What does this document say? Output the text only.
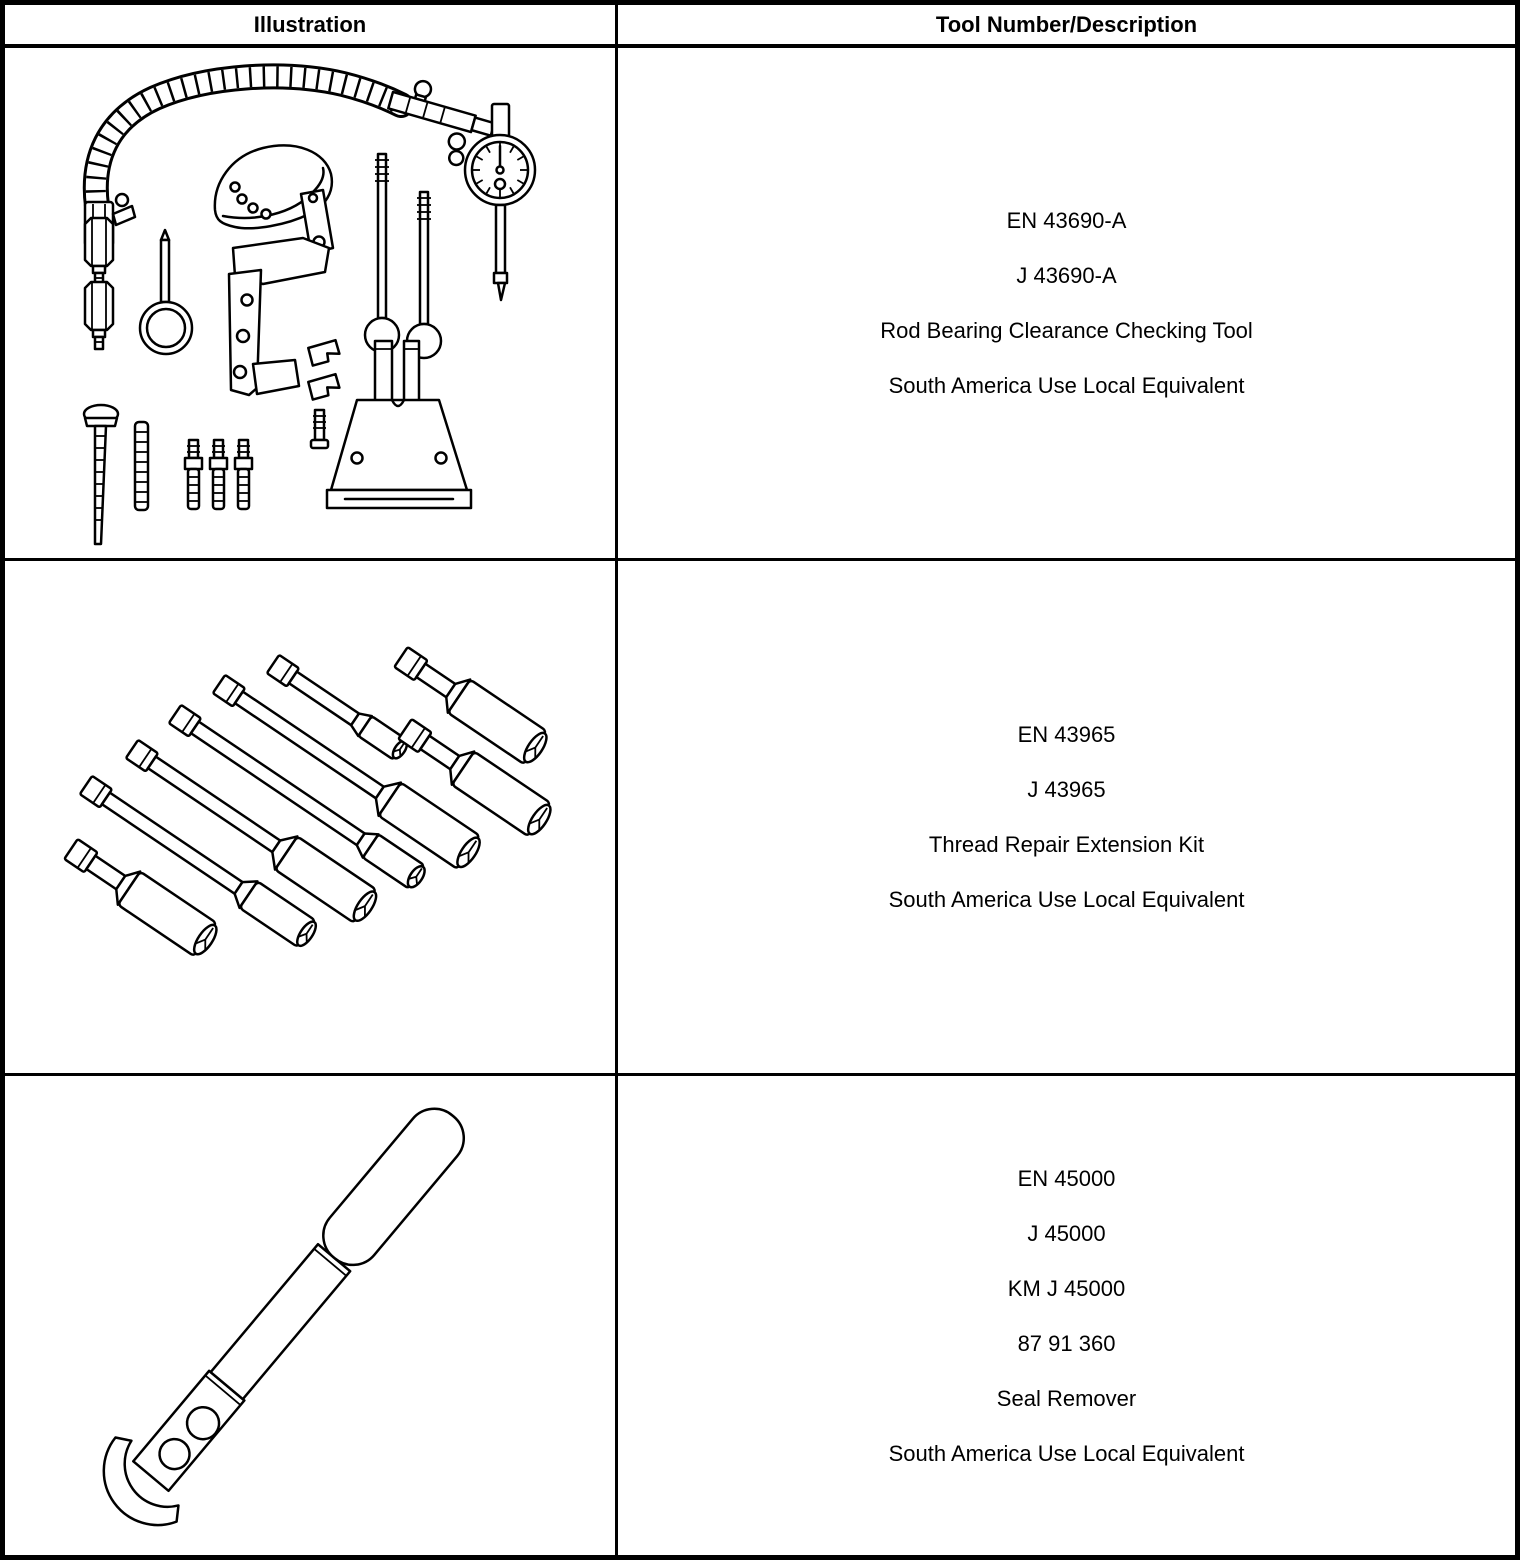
Illustration	Tool Number/Description
EN 43690-A
J 43690-A
Rod Bearing Clearance Checking Tool
South America Use Local Equivalent
EN 43965
J 43965
Thread Repair Extension Kit
South America Use Local Equivalent
EN 45000
J 45000
KM J 45000
87 91 360
Seal Remover
South America Use Local Equivalent
